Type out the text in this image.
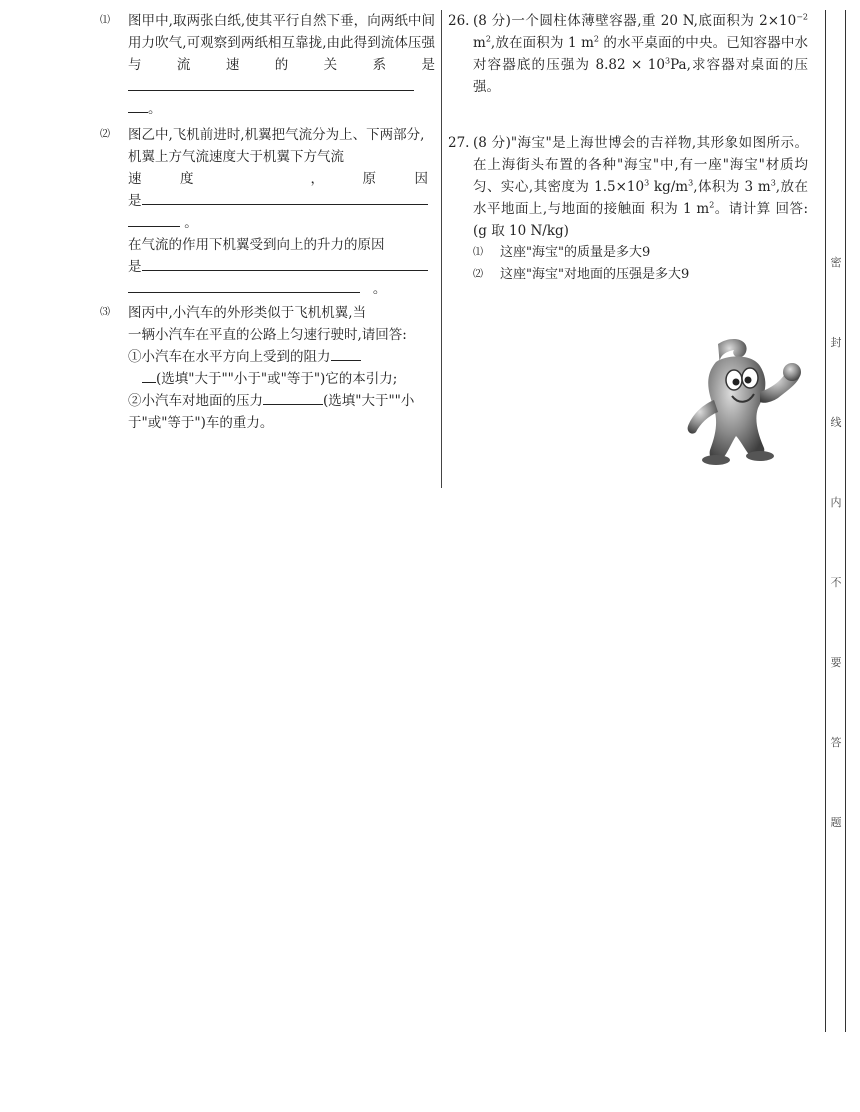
⑴ 图甲中,取两张白纸,使其平行自然下垂，向两纸中间用力吹气,可观察到两纸相互靠拢,由此得到流体压强与流速的关系是
。
⑵ 图乙中,飞机前进时,机翼把气流分为上、下两部分,机翼上方气流速度大于机翼下方气流
速	度	，	原	因
是
。
在气流的作用下机翼受到向上的升力的原因
是
。
⑶ 图丙中,小汽车的外形类似于飞机机翼,当
一辆小汽车在平直的公路上匀速行驶时,请回答:
①小汽车在水平方向上受到的阻力
(选填"大于""小于"或"等于")它的本引力;
②小汽车对地面的压力	(选填"大于""小于"或"等于")车的重力。
26. (8 分)一个圆柱体薄壁容器,重 20 N,底面积为 $2\times 10^{-2}$ $m^2$,放在面积为 1 $m^2$ 的水平桌面的中央。已知容器中水对容器底的压强为 $8.82 \times 10^3Pa$,求容器对桌面的压强。
27. (8 分)"海宝"是上海世博会的吉祥物,其形象如图所示。在上海街头布置的各种"海宝"中,有一座"海宝"材质均匀、实心,其密度为 $1.5\times 10^3$ $kg/m^3$,体积为 3 $m^3$,放在水平地面上,与地面的接触面 积为 1 $m^2$。请计算 回答:(g 取 10 N/kg)
⑴ 这座"海宝"的质量是多大9
⑵ 这座"海宝"对地面的压强是多大9
密
封
线
内
不
要
答
题
